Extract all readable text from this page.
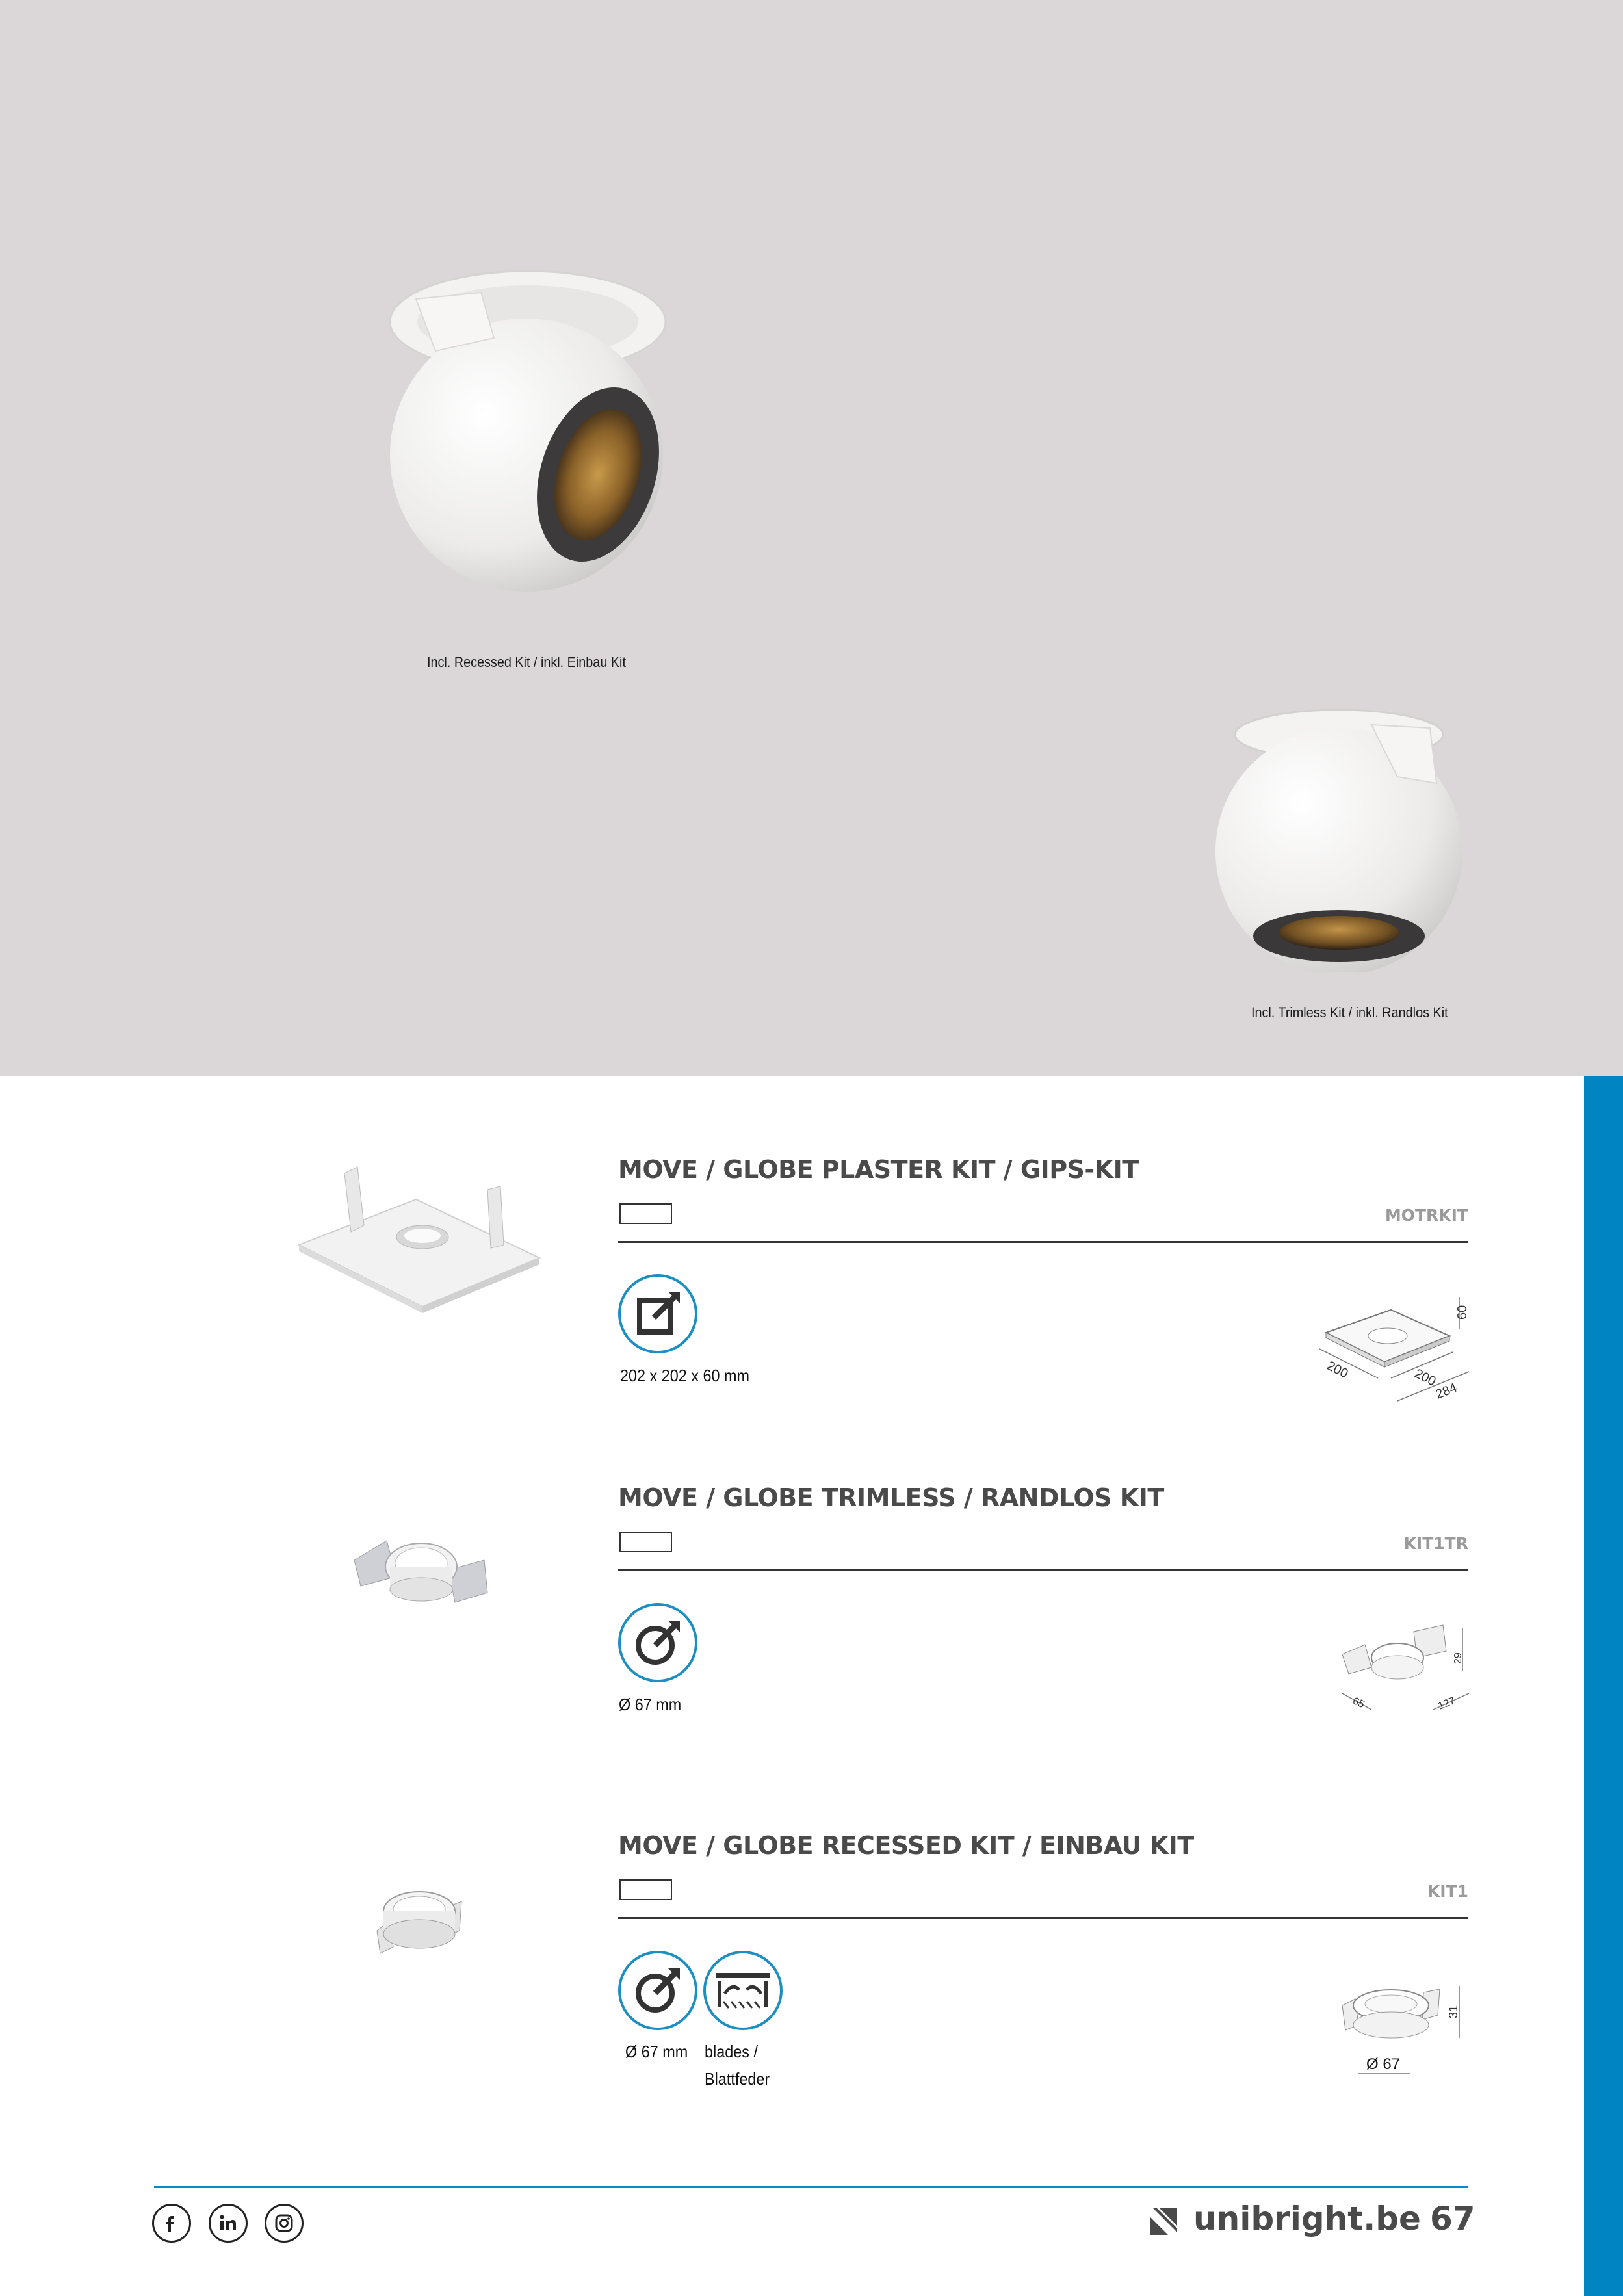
Incl. Recessed Kit / inkl. Einbau Kit
Incl. Trimless Kit / inkl. Randlos Kit
MOVE / GLOBE PLASTER KIT / GIPS-KIT
MOTRKIT
202 x 202 x 60 mm
60
200	200
284
MOVE / GLOBE TRIMLESS / RANDLOS KIT
KIT1TR
Ø 67 mm
29
65	127
MOVE / GLOBE RECESSED KIT / EINBAU KIT
KIT1
Ø 67 mm blades /
Blattfeder
31
Ø 67
unibright.be 67
